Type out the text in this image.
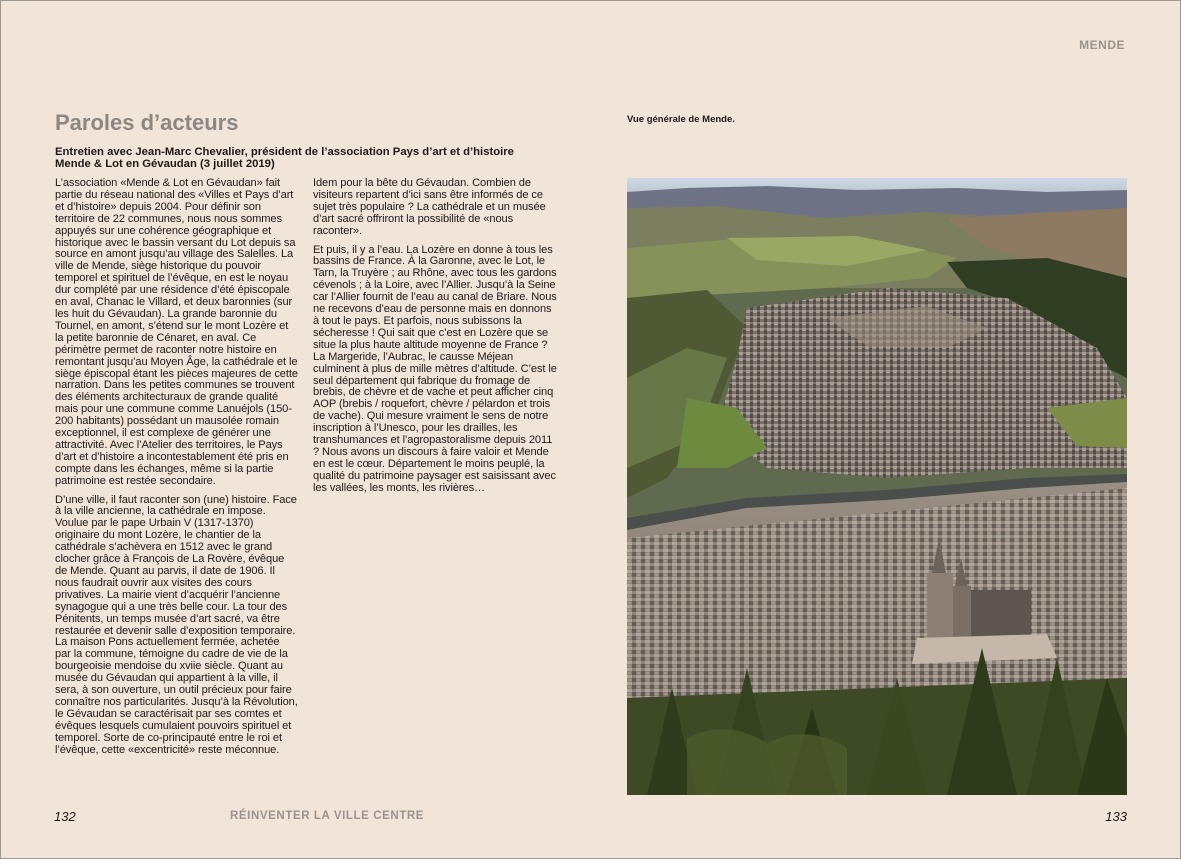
MENDE
Paroles d’acteurs	Vue générale de Mende.
Entretien avec Jean-Marc Chevalier, président de l’association Pays d’art et d’histoire Mende & Lot en Gévaudan (3 juillet 2019)

L’association «Mende & Lot en Gévaudan» fait partie du réseau national des «Villes et Pays d’art et d’histoire» depuis 2004. Pour définir son territoire de 22 communes, nous nous sommes appuyés sur une cohérence géographique et historique avec le bassin versant du Lot depuis sa source en amont jusqu’au village des Salelles. La ville de Mende, siège historique du pouvoir temporel et spirituel de l’évêque, en est le noyau dur complété par une résidence d’été épiscopale en aval, Chanac le Villard, et deux baronnies (sur les huit du Gévaudan). La grande baronnie du Tournel, en amont, s’étend sur le mont Lozère et la petite baronnie de Cénaret, en aval. Ce périmètre permet de raconter notre histoire en remontant jusqu’au Moyen Âge, la cathédrale et le siège épiscopal étant les pièces majeures de cette narration. Dans les petites communes se trouvent des éléments architecturaux de grande qualité mais pour une commune comme Lanuéjols (150-200 habitants) possédant un mausolée romain exceptionnel, il est complexe de générer une attractivité. Avec l’Atelier des territoires, le Pays d’art et d’histoire a incontestablement été pris en compte dans les échanges, même si la partie patrimoine est restée secondaire.

D’une ville, il faut raconter son (une) histoire. Face à la ville ancienne, la cathédrale en impose. Voulue par le pape Urbain V (1317-1370) originaire du mont Lozère, le chantier de la cathédrale s’achèvera en 1512 avec le grand clocher grâce à François de La Rovère, évêque de Mende. Quant au parvis, il date de 1906. Il nous faudrait ouvrir aux visites des cours privatives. La mairie vient d’acquérir l’ancienne synagogue qui a une très belle cour. La tour des Pénitents, un temps musée d’art sacré, va être restaurée et devenir salle d’exposition temporaire. La maison Pons actuellement fermée, achetée par la commune, témoigne du cadre de vie de la bourgeoisie mendoise du xviie siècle. Quant au musée du Gévaudan qui appartient à la ville, il sera, à son ouverture, un outil précieux pour faire connaître nos particularités. Jusqu’à la Révolution, le Gévaudan se caractérisait par ses comtes et évêques lesquels cumulaient pouvoirs spirituel et temporel. Sorte de co-principauté entre le roi et l’évêque, cette «excentricité» reste méconnue.

Idem pour la bête du Gévaudan. Combien de visiteurs repartent d’ici sans être informés de ce sujet très populaire ? La cathédrale et un musée d’art sacré offriront la possibilité de «nous raconter».

Et puis, il y a l’eau. La Lozère en donne à tous les bassins de France. À la Garonne, avec le Lot, le Tarn, la Truyère ; au Rhône, avec tous les gardons cévenols ; à la Loire, avec l’Allier. Jusqu’à la Seine car l’Allier fournit de l’eau au canal de Briare. Nous ne recevons d’eau de personne mais en donnons à tout le pays. Et parfois, nous subissons la sécheresse ! Qui sait que c’est en Lozère que se situe la plus haute altitude moyenne de France ? La Margeride, l’Aubrac, le causse Méjean culminent à plus de mille mètres d’altitude. C’est le seul département qui fabrique du fromage de brebis, de chèvre et de vache et peut afficher cinq AOP (brebis / roquefort, chèvre / pélardon et trois de vache). Qui mesure vraiment le sens de notre inscription à l’Unesco, pour les drailles, les transhumances et l’agropastoralisme depuis 2011 ? Nous avons un discours à faire valoir et Mende en est le cœur. Département le moins peuplé, la qualité du patrimoine paysager est saisissant avec les vallées, les monts, les rivières…

132	RÉINVENTER LA VILLE CENTRE	133
